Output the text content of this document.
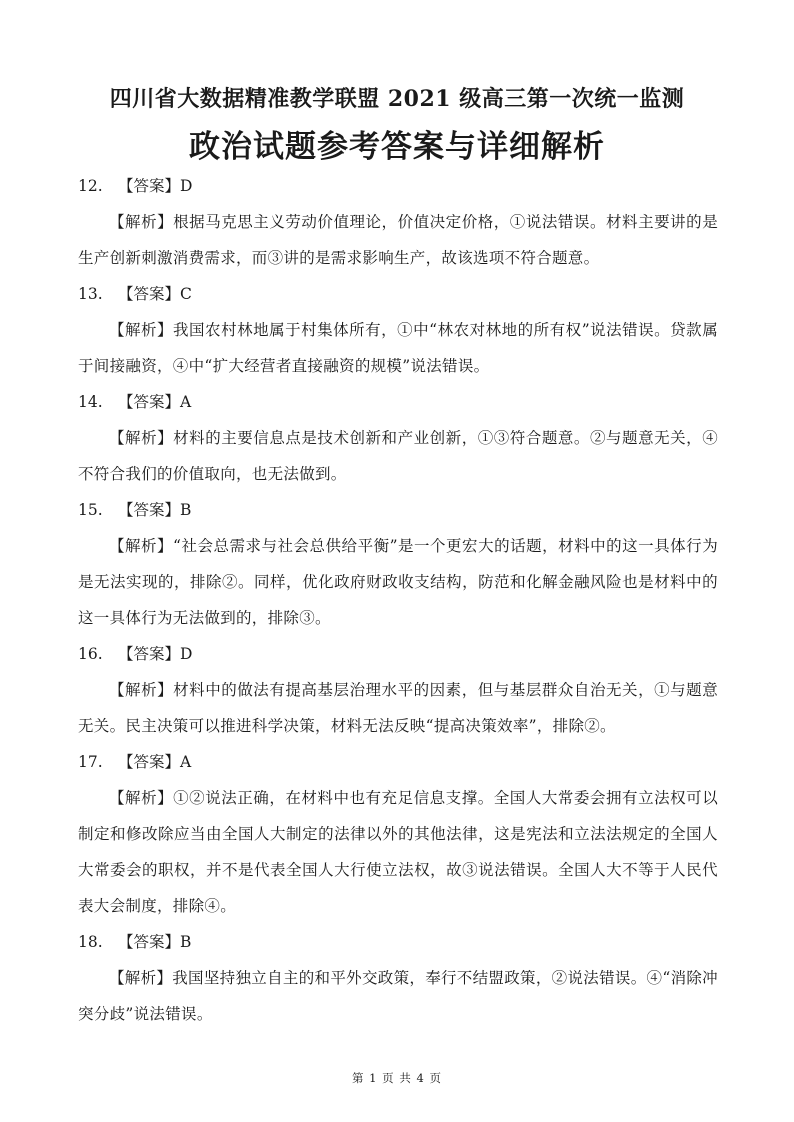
四川省大数据精准教学联盟 2021 级高三第一次统一监测
政治试题参考答案与详细解析
12. 【答案】D
【解析】根据马克思主义劳动价值理论，价值决定价格，①说法错误。材料主要讲的是生产创新刺激消费需求，而③讲的是需求影响生产，故该选项不符合题意。
13. 【答案】C
【解析】我国农村林地属于村集体所有，①中“林农对林地的所有权”说法错误。贷款属于间接融资，④中“扩大经营者直接融资的规模”说法错误。
14. 【答案】A
【解析】材料的主要信息点是技术创新和产业创新，①③符合题意。②与题意无关，④不符合我们的价值取向，也无法做到。
15. 【答案】B
【解析】“社会总需求与社会总供给平衡”是一个更宏大的话题，材料中的这一具体行为是无法实现的，排除②。同样，优化政府财政收支结构，防范和化解金融风险也是材料中的这一具体行为无法做到的，排除③。
16. 【答案】D
【解析】材料中的做法有提高基层治理水平的因素，但与基层群众自治无关，①与题意无关。民主决策可以推进科学决策，材料无法反映“提高决策效率”，排除②。
17. 【答案】A
【解析】①②说法正确，在材料中也有充足信息支撑。全国人大常委会拥有立法权可以制定和修改除应当由全国人大制定的法律以外的其他法律，这是宪法和立法法规定的全国人大常委会的职权，并不是代表全国人大行使立法权，故③说法错误。全国人大不等于人民代表大会制度，排除④。
18. 【答案】B
【解析】我国坚持独立自主的和平外交政策，奉行不结盟政策，②说法错误。④“消除冲突分歧”说法错误。
第 1 页 共 4 页
